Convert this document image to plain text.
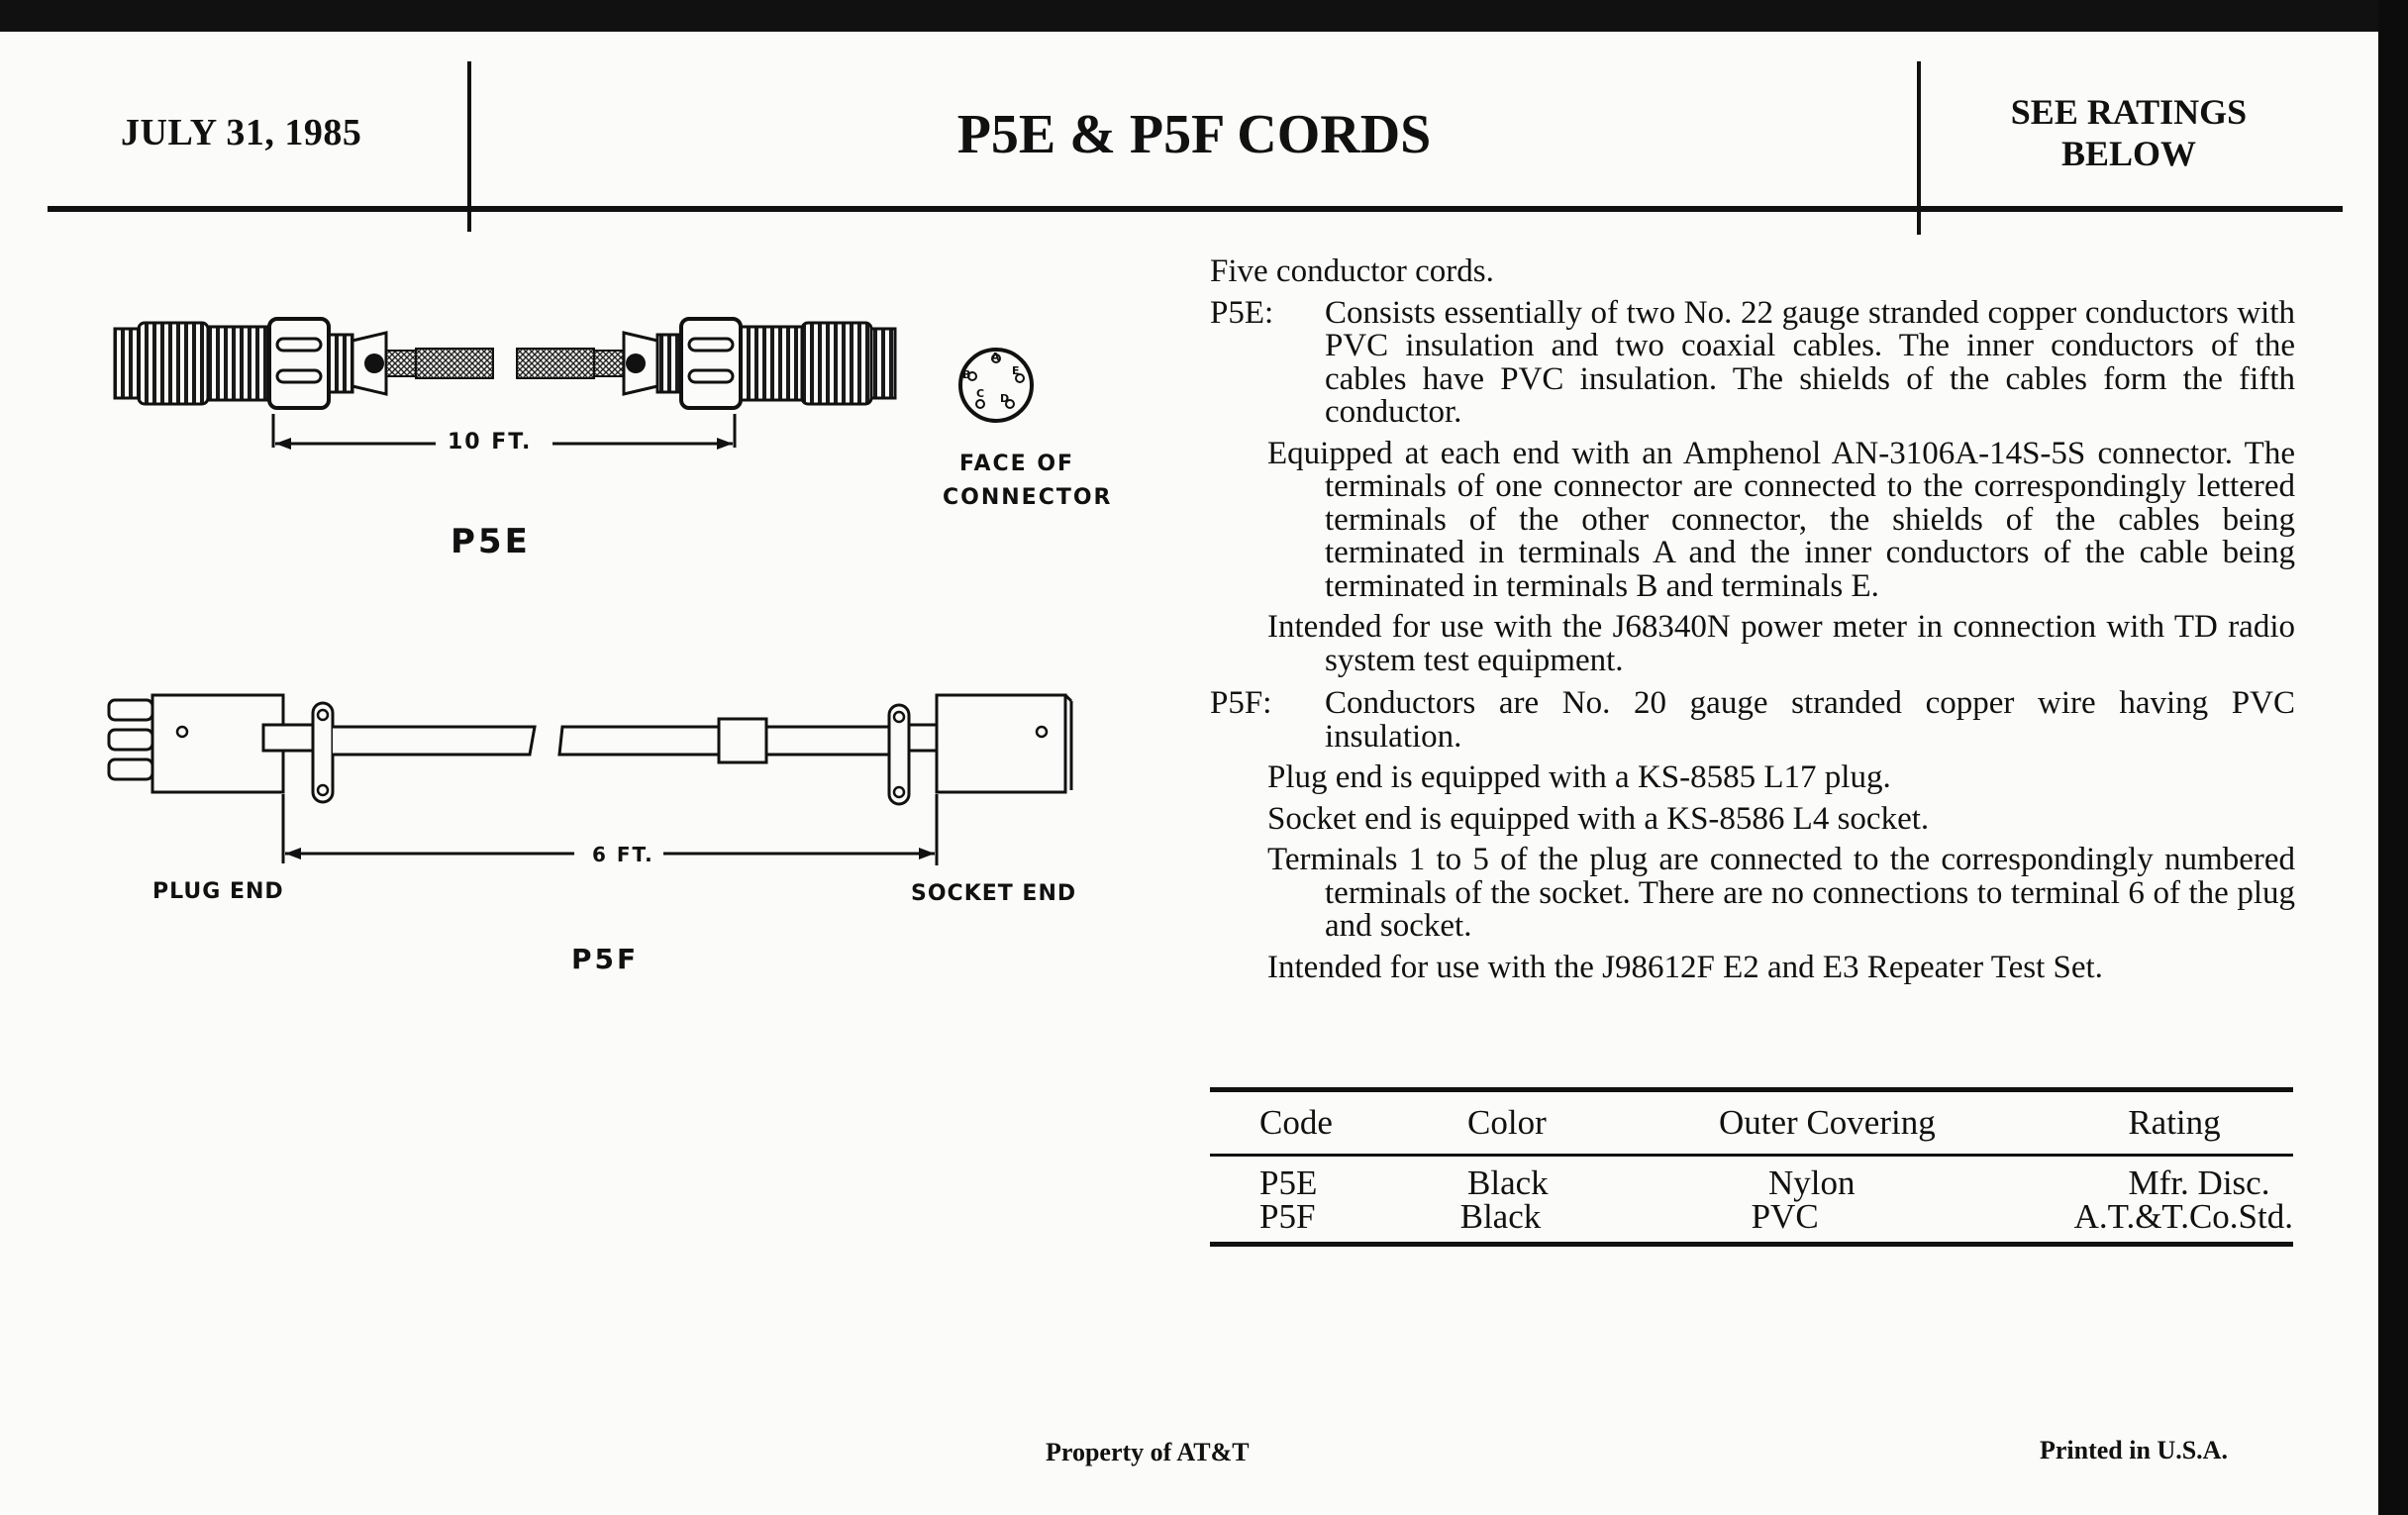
JULY 31, 1985	P5E & P5F CORDS	SEE RATINGS
BELOW
10 FT.
P5E
FACE OF
CONNECTOR
A
B
C D
E
6 FT.
PLUG END	SOCKET END
P5F

Five conductor cords.

P5E: Consists essentially of two No. 22 gauge stranded copper conductors with PVC insulation and two coaxial cables. The inner conductors of the cables have PVC insulation. The shields of the cables form the fifth conductor.

Equipped at each end with an Amphenol AN-3106A-14S-5S connector. The terminals of one connector are connected to the correspondingly lettered terminals of the other connector, the shields of the cables being terminated in terminals A and the inner conductors of the cable being terminated in terminals B and terminals E.

Intended for use with the J68340N power meter in connection with TD radio system test equipment.

P5F: Conductors are No. 20 gauge stranded copper wire having PVC insulation.

Plug end is equipped with a KS-8585 L17 plug.

Socket end is equipped with a KS-8586 L4 socket.

Terminals 1 to 5 of the plug are connected to the correspondingly numbered terminals of the socket. There are no connections to terminal 6 of the plug and socket.

Intended for use with the J98612F E2 and E3 Repeater Test Set.

Code	Color	Outer Covering	Rating
P5E	Black	Nylon	Mfr. Disc.
P5F	Black	PVC	A.T.&T.Co.Std.
Property of AT&T	Printed in U.S.A.
